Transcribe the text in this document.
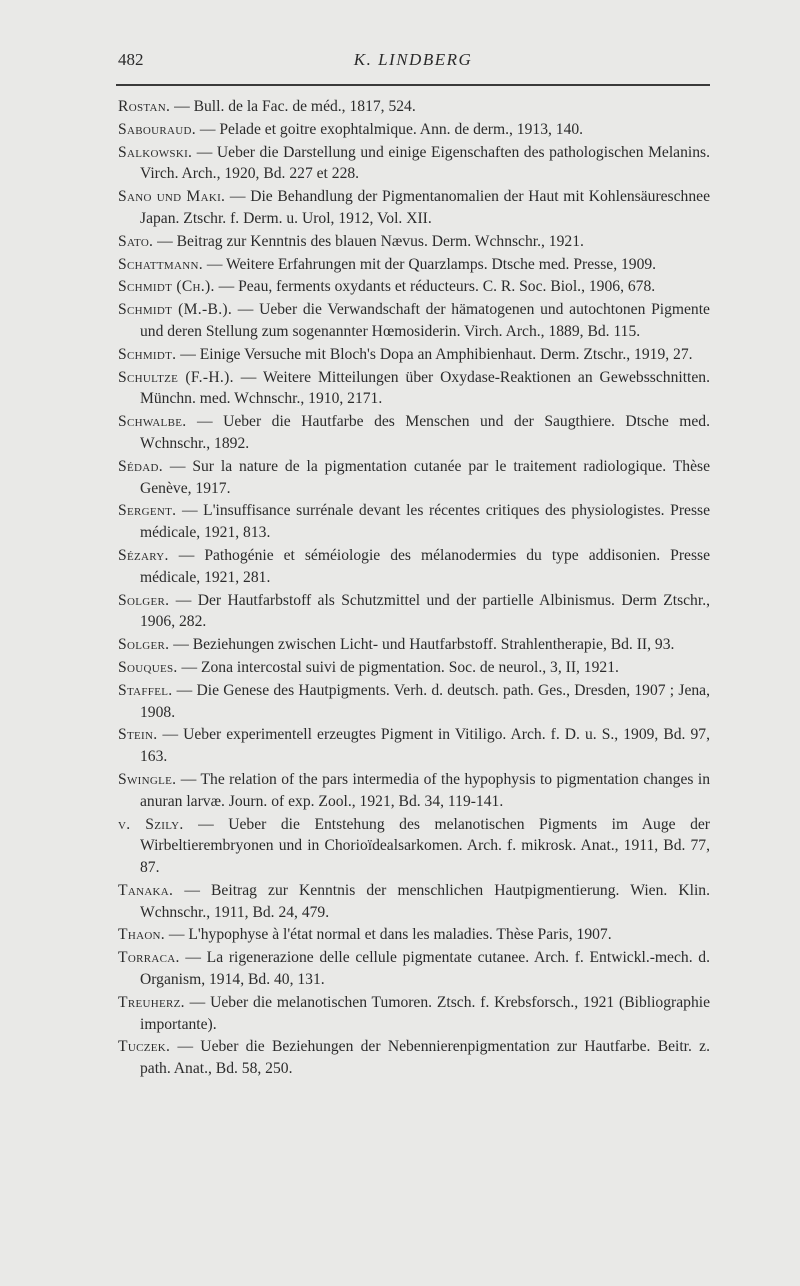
482	K. LINDBERG

Rostan. — Bull. de la Fac. de méd., 1817, 524.

Sabouraud. — Pelade et goitre exophtalmique. Ann. de derm., 1913, 140.

Salkowski. — Ueber die Darstellung und einige Eigenschaften des pathologischen Melanins. Virch. Arch., 1920, Bd. 227 et 228.

Sano und Maki. — Die Behandlung der Pigmentanomalien der Haut mit Kohlensäureschnee Japan. Ztschr. f. Derm. u. Urol, 1912, Vol. XII.

Sato. — Beitrag zur Kenntnis des blauen Nævus. Derm. Wchnschr., 1921.

Schattmann. — Weitere Erfahrungen mit der Quarzlamps. Dtsche med. Presse, 1909.

Schmidt (Ch.). — Peau, ferments oxydants et réducteurs. C. R. Soc. Biol., 1906, 678.

Schmidt (M.-B.). — Ueber die Verwandschaft der hämatogenen und autochtonen Pigmente und deren Stellung zum sogenannter Hœmosiderin. Virch. Arch., 1889, Bd. 115.

Schmidt. — Einige Versuche mit Bloch's Dopa an Amphibienhaut. Derm. Ztschr., 1919, 27.

Schultze (F.-H.). — Weitere Mitteilungen über Oxydase-Reaktionen an Gewebsschnitten. Münchn. med. Wchnschr., 1910, 2171.

Schwalbe. — Ueber die Hautfarbe des Menschen und der Saugthiere. Dtsche med. Wchnschr., 1892.

Sédad. — Sur la nature de la pigmentation cutanée par le traitement radiologique. Thèse Genève, 1917.

Sergent. — L'insuffisance surrénale devant les récentes critiques des physiologistes. Presse médicale, 1921, 813.

Sézary. — Pathogénie et séméiologie des mélanodermies du type addisonien. Presse médicale, 1921, 281.

Solger. — Der Hautfarbstoff als Schutzmittel und der partielle Albinismus. Derm Ztschr., 1906, 282.

Solger. — Beziehungen zwischen Licht- und Hautfarbstoff. Strahlentherapie, Bd. II, 93.

Souques. — Zona intercostal suivi de pigmentation. Soc. de neurol., 3, II, 1921.

Staffel. — Die Genese des Hautpigments. Verh. d. deutsch. path. Ges., Dresden, 1907 ; Jena, 1908.

Stein. — Ueber experimentell erzeugtes Pigment in Vitiligo. Arch. f. D. u. S., 1909, Bd. 97, 163.

Swingle. — The relation of the pars intermedia of the hypophysis to pigmentation changes in anuran larvæ. Journ. of exp. Zool., 1921, Bd. 34, 119-141.

v. Szily. — Ueber die Entstehung des melanotischen Pigments im Auge der Wirbeltierembryonen und in Chorioïdealsarkomen. Arch. f. mikrosk. Anat., 1911, Bd. 77, 87.

Tanaka. — Beitrag zur Kenntnis der menschlichen Hautpigmentierung. Wien. Klin. Wchnschr., 1911, Bd. 24, 479.

Thaon. — L'hypophyse à l'état normal et dans les maladies. Thèse Paris, 1907.

Torraca. — La rigenerazione delle cellule pigmentate cutanee. Arch. f. Entwickl.-mech. d. Organism, 1914, Bd. 40, 131.

Treuherz. — Ueber die melanotischen Tumoren. Ztsch. f. Krebsforsch., 1921 (Bibliographie importante).

Tuczek. — Ueber die Beziehungen der Nebennierenpigmentation zur Hautfarbe. Beitr. z. path. Anat., Bd. 58, 250.
